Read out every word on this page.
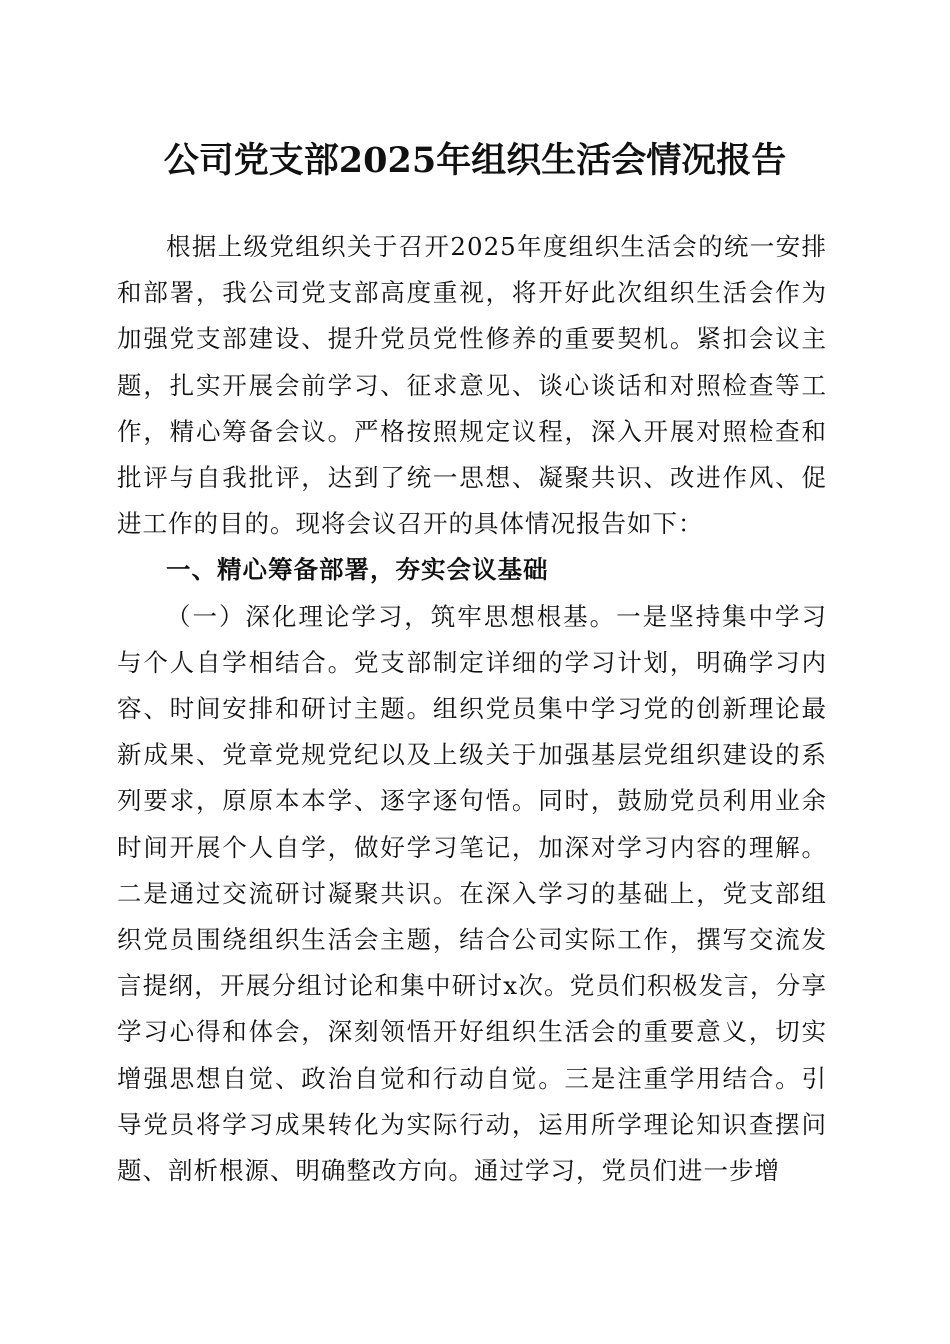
公司党支部2025年组织生活会情况报告

根据上级党组织关于召开2025年度组织生活会的统一安排和部署，我公司党支部高度重视，将开好此次组织生活会作为加强党支部建设、提升党员党性修养的重要契机。紧扣会议主题，扎实开展会前学习、征求意见、谈心谈话和对照检查等工作，精心筹备会议。严格按照规定议程，深入开展对照检查和批评与自我批评，达到了统一思想、凝聚共识、改进作风、促进工作的目的。现将会议召开的具体情况报告如下：

一、精心筹备部署，夯实会议基础

（一）深化理论学习，筑牢思想根基。一是坚持集中学习与个人自学相结合。党支部制定详细的学习计划，明确学习内容、时间安排和研讨主题。组织党员集中学习党的创新理论最新成果、党章党规党纪以及上级关于加强基层党组织建设的系列要求，原原本本学、逐字逐句悟。同时，鼓励党员利用业余时间开展个人自学，做好学习笔记，加深对学习内容的理解。二是通过交流研讨凝聚共识。在深入学习的基础上，党支部组织党员围绕组织生活会主题，结合公司实际工作，撰写交流发言提纲，开展分组讨论和集中研讨x次。党员们积极发言，分享学习心得和体会，深刻领悟开好组织生活会的重要意义，切实增强思想自觉、政治自觉和行动自觉。三是注重学用结合。引导党员将学习成果转化为实际行动，运用所学理论知识查摆问题、剖析根源、明确整改方向。通过学习，党员们进一步增
